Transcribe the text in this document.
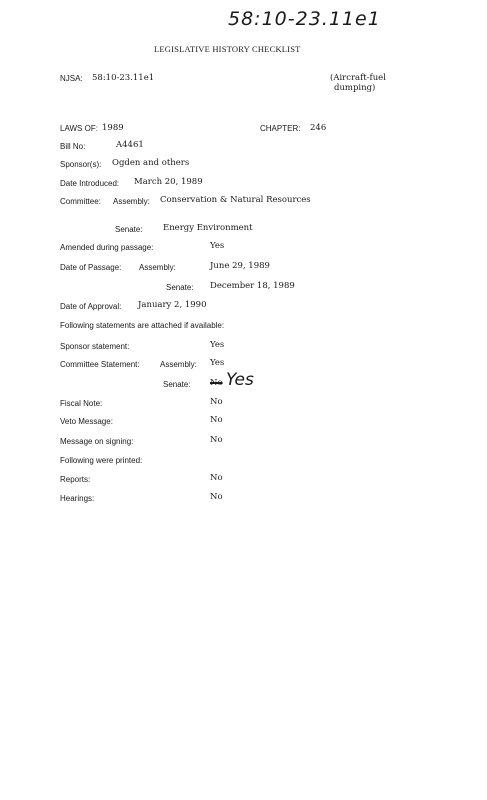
58:10-23.11e1
LEGISLATIVE HISTORY CHECKLIST
NJSA: 58:10-23.11e1	(Aircraft-fuel
dumping)
LAWS OF: 1989	CHAPTER: 246
Bill No:	A4461
Sponsor(s): Ogden and others
Date Introduced: March 20, 1989
Committee: Assembly: Conservation & Natural Resources
Senate: Energy Environment
Amended during passage:	Yes
Date of Passage: Assembly:	June 29, 1989
Senate: December 18, 1989
Date of Approval: January 2, 1990
Following statements are attached if available:
Sponsor statement:	Yes
Committee Statement:	Assembly: Yes
Senate: No Yes
Fiscal Note:	No
Veto Message:	No
Message on signing:	No
Following were printed:
Reports:	No
Hearings:	No
